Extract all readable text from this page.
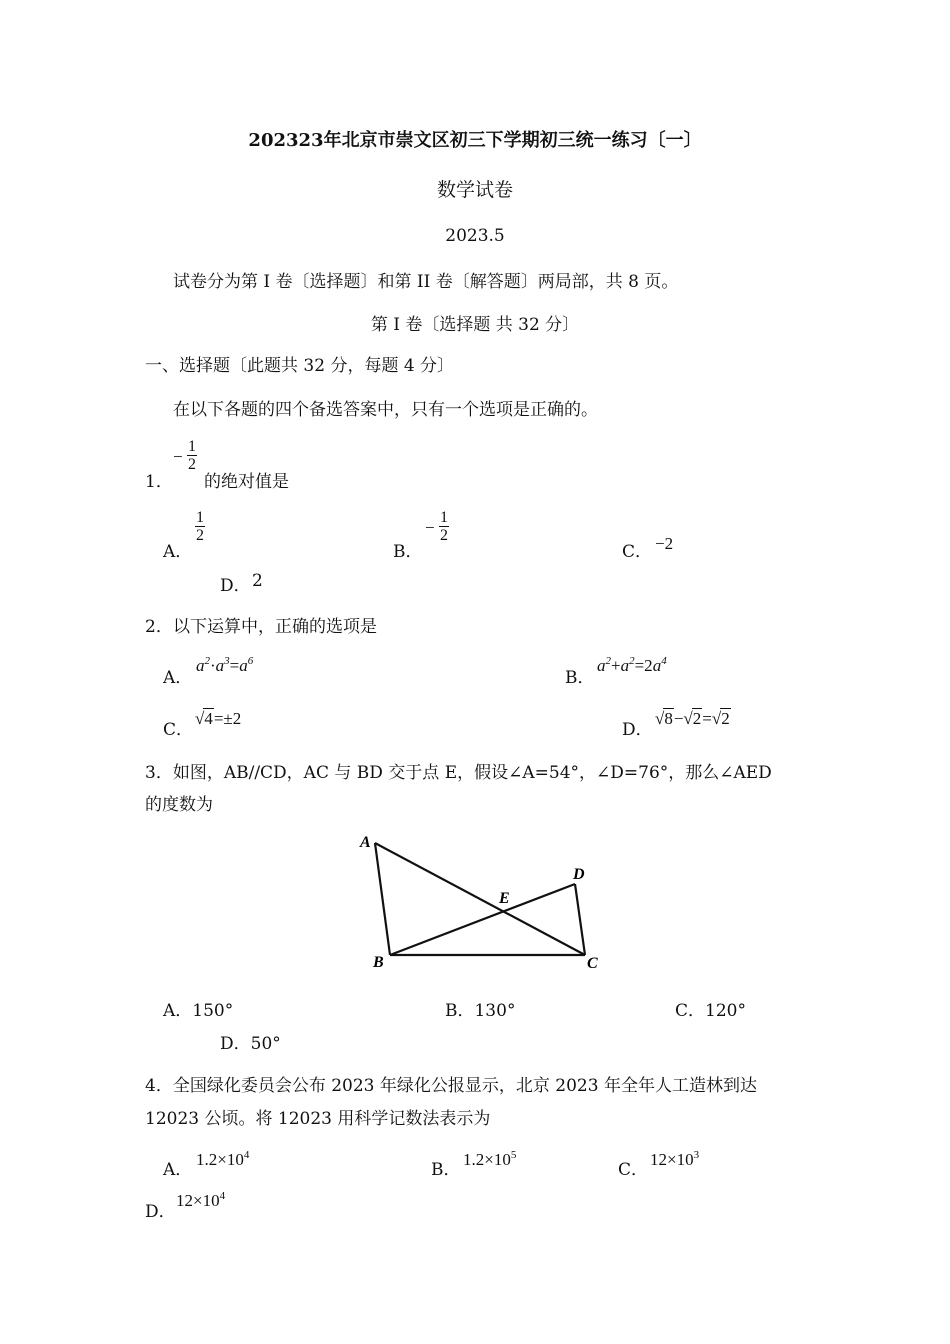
202323年北京市崇文区初三下学期初三统一练习〔一〕
数学试卷
2023.5
试卷分为第 I 卷〔选择题〕和第 II 卷〔解答题〕两局部，共 8 页。
第 I 卷〔选择题 共 32 分〕
一、选择题〔此题共 32 分，每题 4 分〕
在以下各题的四个备选答案中，只有一个选项是正确的。
1．
− $\frac{1}{2}$
的绝对值是
A．
$\frac{1}{2}$
B．
− $\frac{1}{2}$
C． −2
D． 2
2． 以下运算中，正确的选项是
A．
$a^2\cdot a^3=a^6$
B．
$a^2+a^2=2a^4$
C．
√4=±2
D．
√8−√2=√2
3．如图，AB//CD，AC 与 BD 交于点 E，假设∠A=54°，∠D=76°，那么∠AED
的度数为
A
B	C
D
E
A．150°	B．130°	C．120°
D．50°
4．全国绿化委员会公布 2023 年绿化公报显示，北京 2023 年全年人工造林到达
12023 公顷。将 12023 用科学记数法表示为
A．
$1.2\times 10^4$
B．
$1.2\times 10^5$
C．
$12\times 10^3$
D．
$12\times 10^4$
